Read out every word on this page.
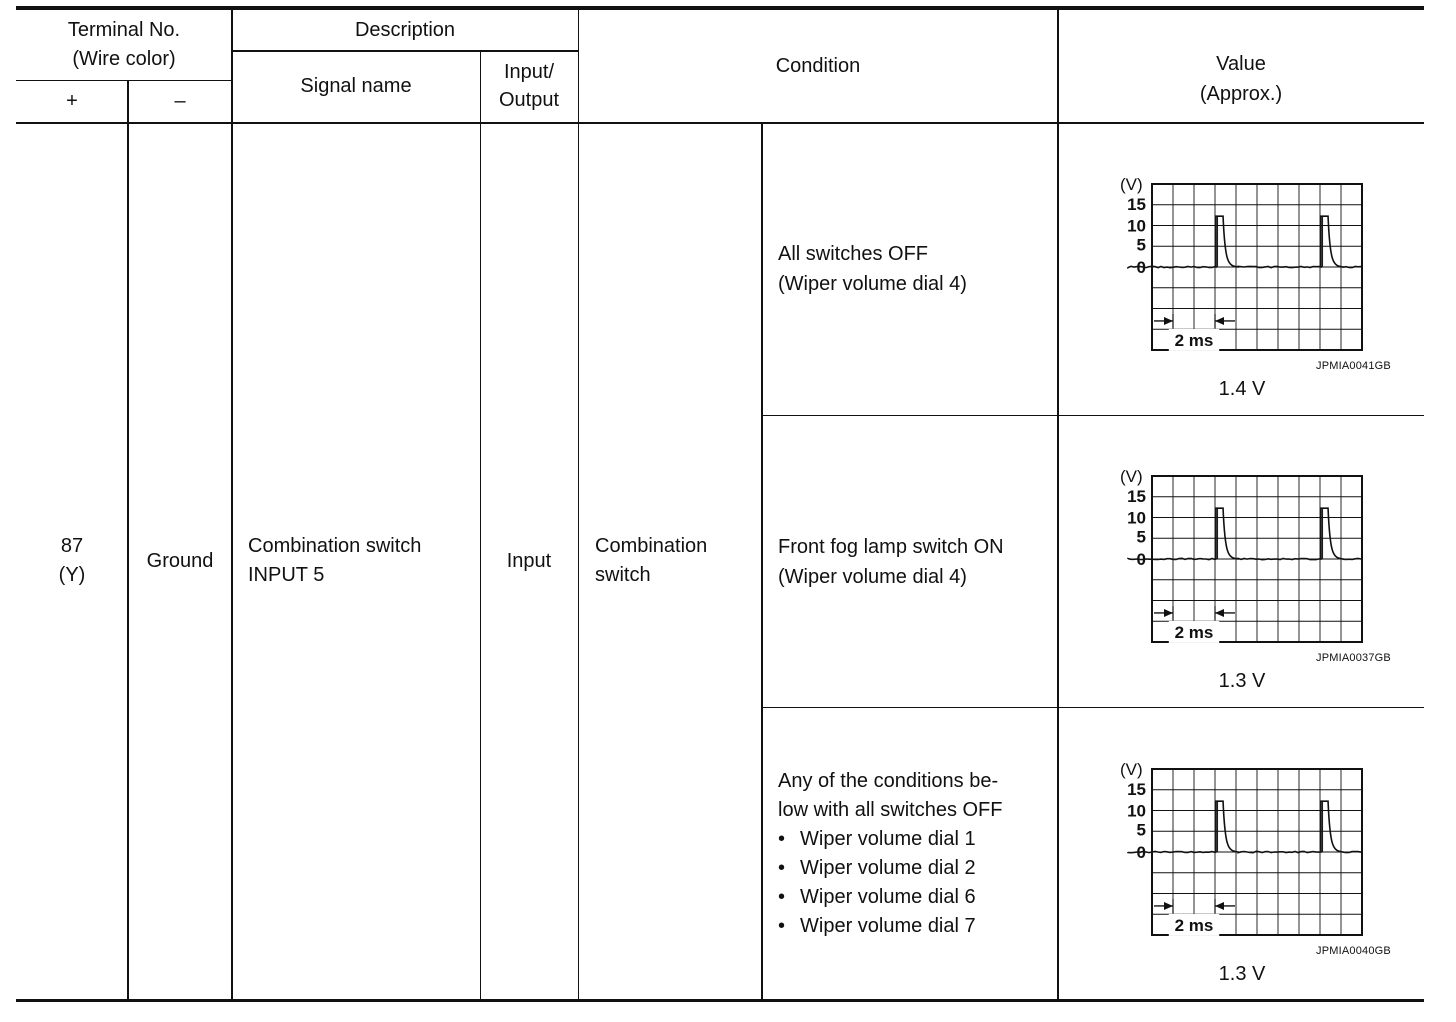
Terminal No.
(Wire color)
+	–
Description
Signal name
Input/
Output
Condition	Value
(Approx.)
87
(Y)
Ground
Combination switch
INPUT 5
Input
Combination
switch
All switches OFF
(Wiper volume dial 4)
Front fog lamp switch ON
(Wiper volume dial 4)
Any of the conditions be-
low with all switches OFF
• Wiper volume dial 1
• Wiper volume dial 2
• Wiper volume dial 6
• Wiper volume dial 7
(V)
15
10
5
0
2 ms
JPMIA0041GB
1.4 V
(V)
15
10
5
0
2 ms
JPMIA0037GB
1.3 V
(V)
15
10
5
0
2 ms
JPMIA0040GB
1.3 V
